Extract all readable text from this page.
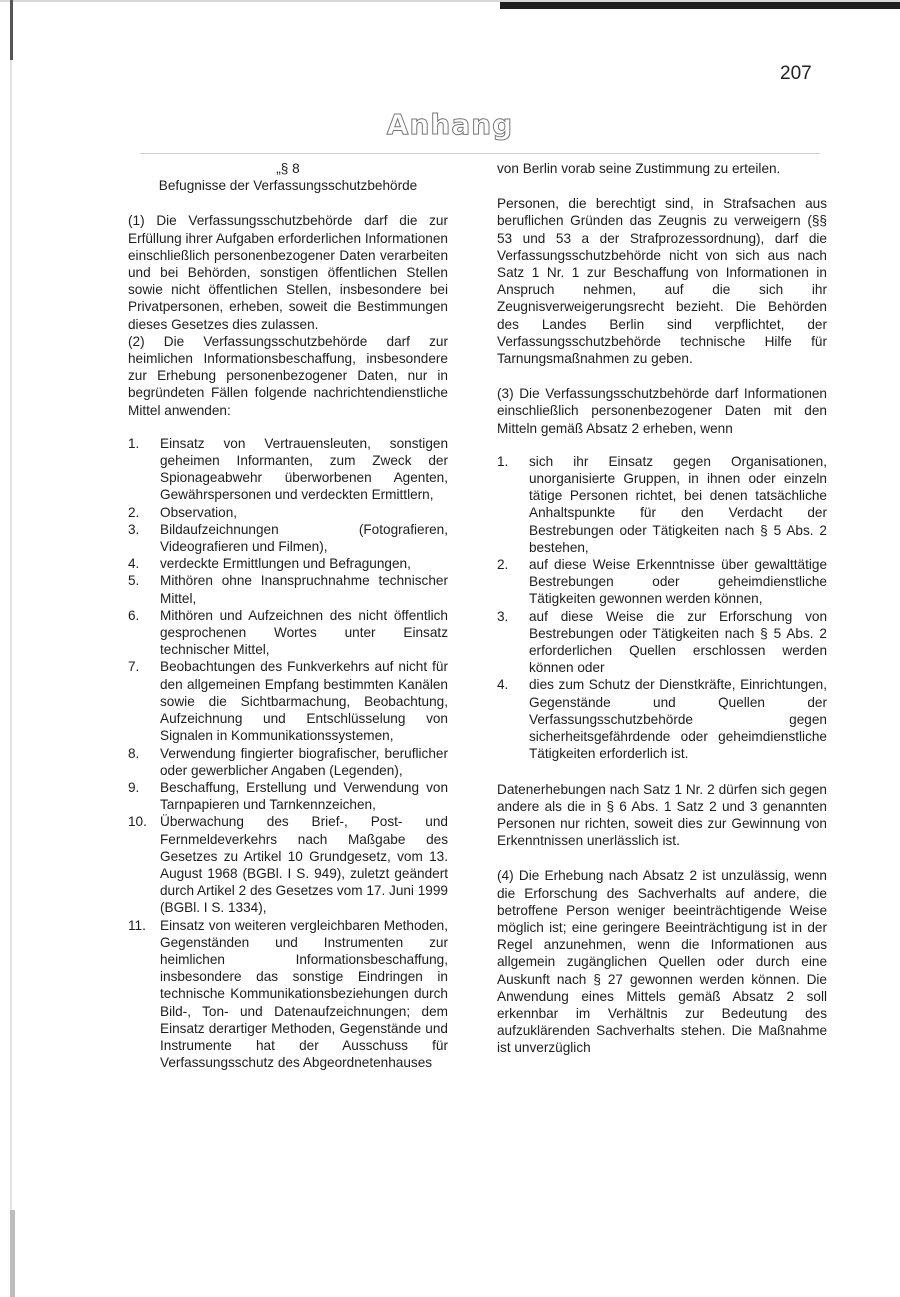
207
Anhang
„§ 8

Befugnisse der Verfassungsschutzbehörde

(1) Die Verfassungsschutzbehörde darf die zur Erfüllung ihrer Aufgaben erforderlichen Informationen einschließlich personenbezogener Daten verarbeiten und bei Behörden, sonstigen öffentlichen Stellen sowie nicht öffentlichen Stellen, insbesondere bei Privatpersonen, erheben, soweit die Bestimmungen dieses Gesetzes dies zulassen.

(2) Die Verfassungsschutzbehörde darf zur heimlichen Informationsbeschaffung, insbesondere zur Erhebung personenbezogener Daten, nur in begründeten Fällen folgende nachrichtendienstliche Mittel anwenden:

1.	Einsatz von Vertrauensleuten, sonstigen geheimen Informanten, zum Zweck der Spionageabwehr überworbenen Agenten, Gewährspersonen und verdeckten Ermittlern,
2.	Observation,
3.	Bildaufzeichnungen (Fotografieren, Videografieren und Filmen),
4.	verdeckte Ermittlungen und Befragungen,
5.	Mithören ohne Inanspruchnahme technischer Mittel,
6.	Mithören und Aufzeichnen des nicht öffentlich gesprochenen Wortes unter Einsatz technischer Mittel,
7.	Beobachtungen des Funkverkehrs auf nicht für den allgemeinen Empfang bestimmten Kanälen sowie die Sichtbarmachung, Beobachtung, Aufzeichnung und Entschlüsselung von Signalen in Kommunikationssystemen,
8.	Verwendung fingierter biografischer, beruflicher oder gewerblicher Angaben (Legenden),
9.	Beschaffung, Erstellung und Verwendung von Tarnpapieren und Tarnkennzeichen,
10. Überwachung des Brief-, Post- und Fernmeldeverkehrs nach Maßgabe des Gesetzes zu Artikel 10 Grundgesetz, vom 13. August 1968 (BGBl. I S. 949), zuletzt geändert durch Artikel 2 des Gesetzes vom 17. Juni 1999 (BGBl. I S. 1334),
11.	Einsatz von weiteren vergleichbaren Methoden, Gegenständen und Instrumenten zur heimlichen Informationsbeschaffung, insbesondere das sonstige Eindringen in technische Kommunikationsbeziehungen durch Bild-, Ton- und Datenaufzeichnungen; dem Einsatz derartiger Methoden, Gegenstände und Instrumente hat der Ausschuss für Verfassungsschutz des Abgeordnetenhauses

von Berlin vorab seine Zustimmung zu erteilen.

Personen, die berechtigt sind, in Strafsachen aus beruflichen Gründen das Zeugnis zu verweigern (§§ 53 und 53 a der Strafprozessordnung), darf die Verfassungsschutzbehörde nicht von sich aus nach Satz 1 Nr. 1 zur Beschaffung von Informationen in Anspruch nehmen, auf die sich ihr Zeugnisverweigerungsrecht bezieht. Die Behörden des Landes Berlin sind verpflichtet, der Verfassungsschutzbehörde technische Hilfe für Tarnungsmaßnahmen zu geben.

(3) Die Verfassungsschutzbehörde darf Informationen einschließlich personenbezogener Daten mit den Mitteln gemäß Absatz 2 erheben, wenn

1.	sich ihr Einsatz gegen Organisationen, unorganisierte Gruppen, in ihnen oder einzeln tätige Personen richtet, bei denen tatsächliche Anhaltspunkte für den Verdacht der Bestrebungen oder Tätigkeiten nach § 5 Abs. 2 bestehen,
2.	auf diese Weise Erkenntnisse über gewalttätige Bestrebungen oder geheimdienstliche Tätigkeiten gewonnen werden können,
3.	auf diese Weise die zur Erforschung von Bestrebungen oder Tätigkeiten nach § 5 Abs. 2 erforderlichen Quellen erschlossen werden können oder
4.	dies zum Schutz der Dienstkräfte, Einrichtungen, Gegenstände und Quellen der Verfassungsschutzbehörde gegen sicherheitsgefährdende oder geheimdienstliche Tätigkeiten erforderlich ist.

Datenerhebungen nach Satz 1 Nr. 2 dürfen sich gegen andere als die in § 6 Abs. 1 Satz 2 und 3 genannten Personen nur richten, soweit dies zur Gewinnung von Erkenntnissen unerlässlich ist.

(4) Die Erhebung nach Absatz 2 ist unzulässig, wenn die Erforschung des Sachverhalts auf andere, die betroffene Person weniger beeinträchtigende Weise möglich ist; eine geringere Beeinträchtigung ist in der Regel anzunehmen, wenn die Informationen aus allgemein zugänglichen Quellen oder durch eine Auskunft nach § 27 gewonnen werden können. Die Anwendung eines Mittels gemäß Absatz 2 soll erkennbar im Verhältnis zur Bedeutung des aufzuklärenden Sachverhalts stehen. Die Maßnahme ist unverzüglich
